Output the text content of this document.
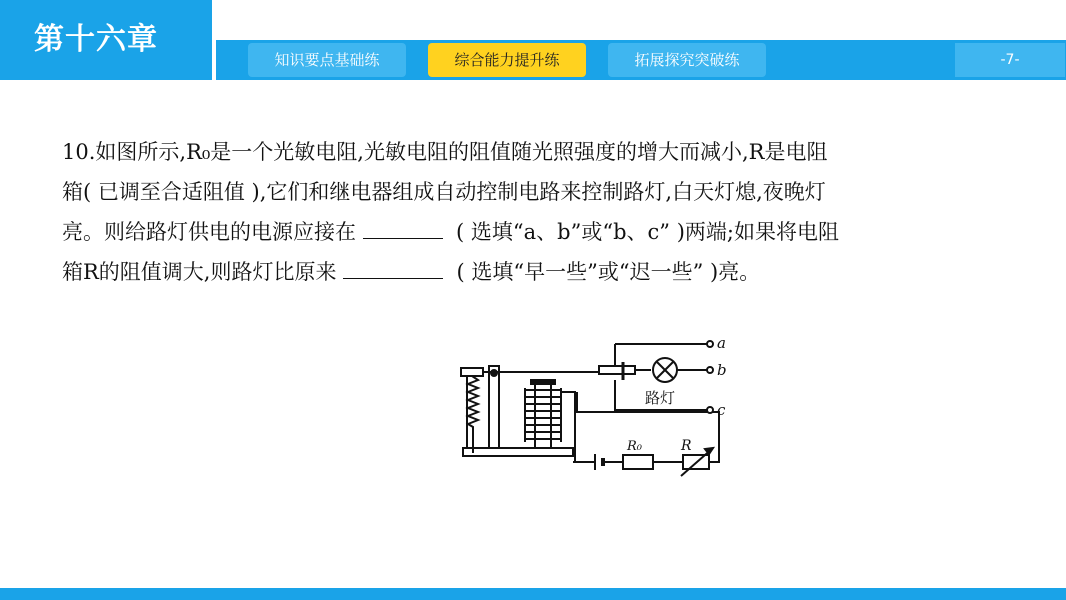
第十六章
知识要点基础练	综合能力提升练	拓展探究突破练	-7-
10.如图所示,R₀是一个光敏电阻,光敏电阻的阻值随光照强度的增大而减小,R是电阻
箱( 已调至合适阻值 ),它们和继电器组成自动控制电路来控制路灯,白天灯熄,夜晚灯
亮。则给路灯供电的电源应接在	( 选填“a、b”或“b、c” )两端;如果将电阻
箱R的阻值调大,则路灯比原来	( 选填“早一些”或“迟一些” )亮。
a
b
c
路灯
R₀	R
